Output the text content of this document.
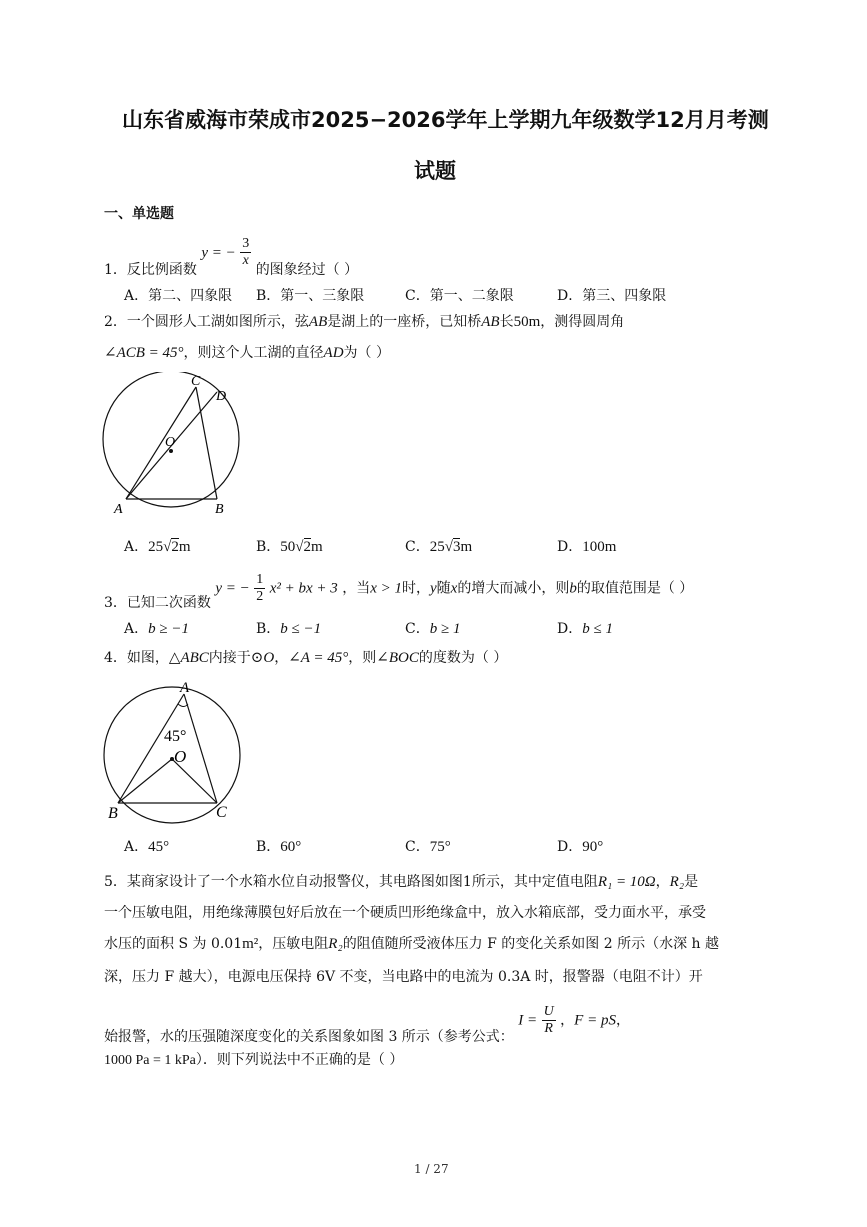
山东省威海市荣成市2025−2026学年上学期九年级数学12月月考测
试题
一、单选题
1．反比例函数 y = − $\frac{3}{x}$
的图象经过（ ）
A．第二、四象限 B．第一、三象限	C．第一、二象限	D．第三、四象限
2．一个圆形人工湖如图所示，弦AB是湖上的一座桥，已知桥AB长50m，测得圆周角
∠ACB = 45°，则这个人工湖的直径AD为（ ）
C
D
O
A	B
A．25√2m	B．50√2m	C．25√3m	D．100m
3．已知二次函数 y = − $\frac{1}{2} x^2$ + bx + 3 ，当x > 1时，y随x的增大而减小，则b的取值范围是（ ）
A．b ≥ −1	B．b ≤ −1	C．b ≥ 1	D．b ≤ 1
4．如图，△ABC内接于⊙O，∠A = 45°，则∠BOC的度数为（ ）
A
45°
O
B	C
A．45°	B．60°	C．75°	D．90°
5．某商家设计了一个水箱水位自动报警仪，其电路图如图1所示，其中定值电阻R₁ = 10Ω，R₂是
一个压敏电阻，用绝缘薄膜包好后放在一个硬质凹形绝缘盒中，放入水箱底部，受力面水平，承受
水压的面积 S 为 0.01m²，压敏电阻R₂的阻值随所受液体压力 F 的变化关系如图 2 所示（水深 h 越
深，压力 F 越大），电源电压保持 6V 不变，当电路中的电流为 0.3A 时，报警器（电阻不计）开
始报警，水的压强随深度变化的关系图象如图 3 所示（参考公式： $I = \frac{U}{R}$ ，F = pS，
1000 Pa = 1 kPa）．则下列说法中不正确的是（ ）
1 / 27
